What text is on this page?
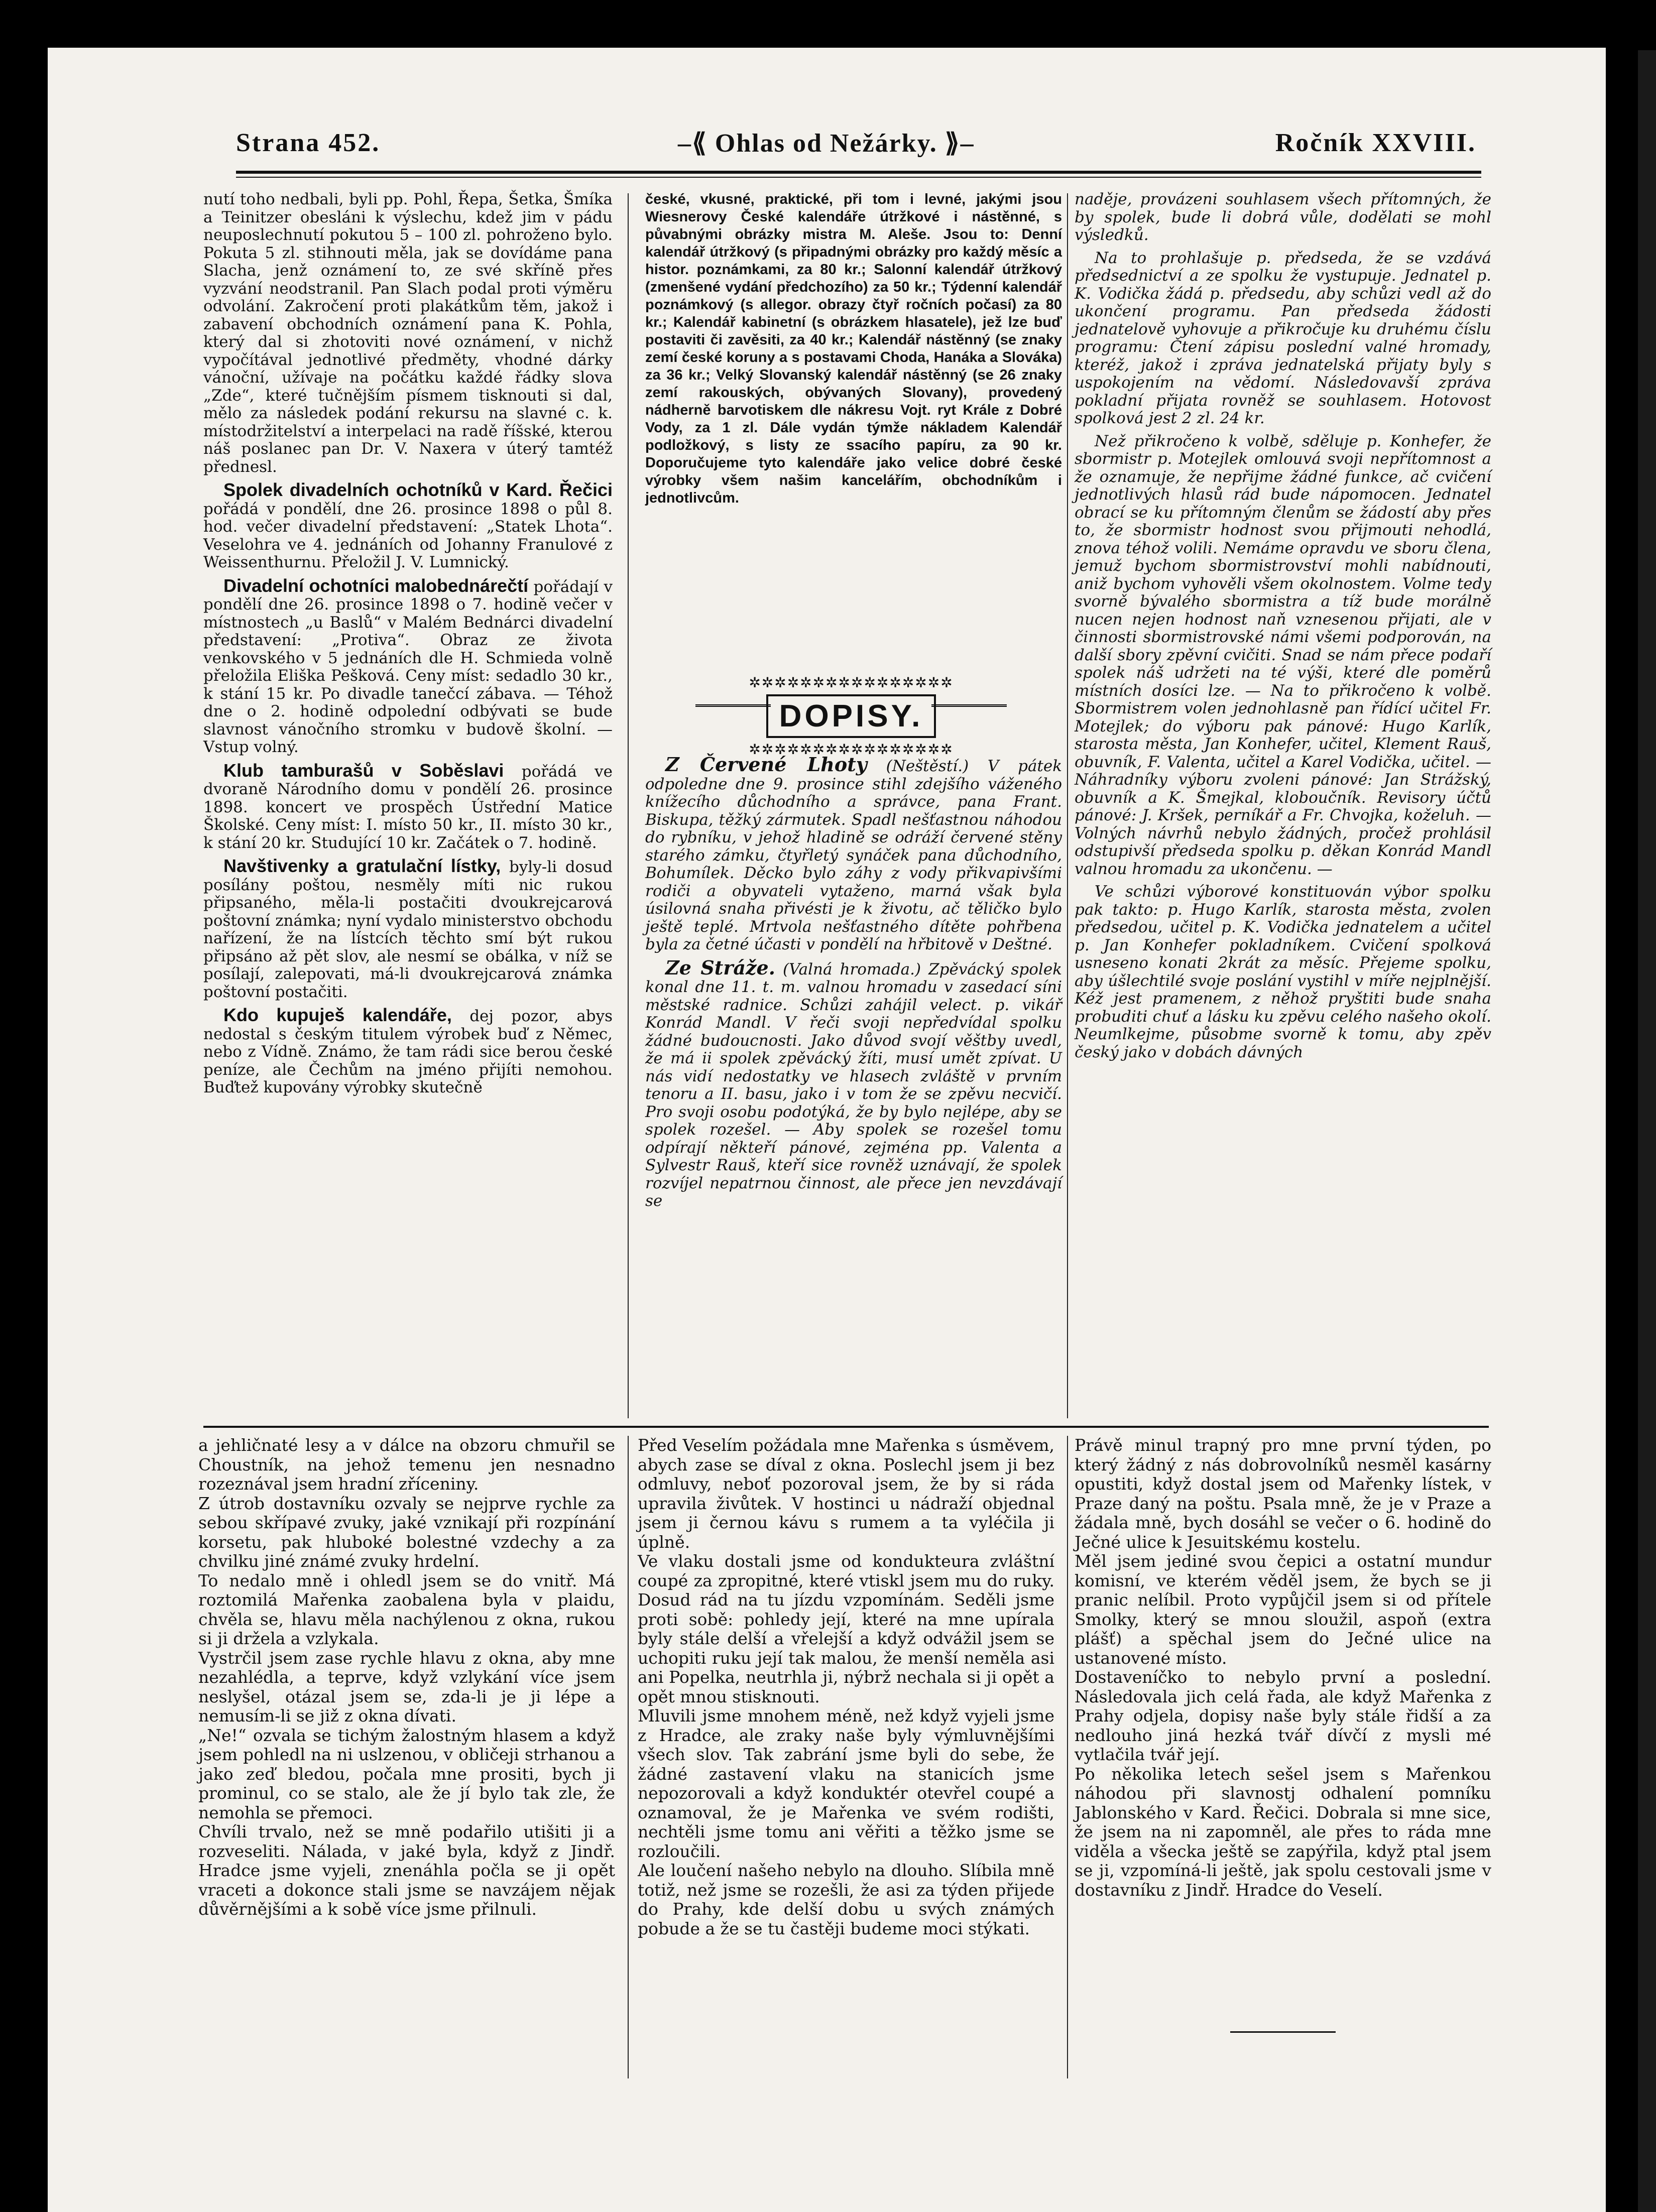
Strana 452.	–⟪ Ohlas od Nežárky. ⟫–	Ročník XXVIII.

nutí toho nedbali, byli pp. Pohl, Řepa, Šetka, Šmíka a Teinitzer obesláni k výslechu, kdež jim v pádu neuposlechnutí pokutou 5 – 100 zl. pohroženo bylo. Pokuta 5 zl. stihnouti měla, jak se dovídáme pana Slacha, jenž oznámení to, ze své skříně přes vyzvání neodstranil. Pan Slach podal proti výměru odvolání. Zakročení proti plakátkům těm, jakož i zabavení obchodních oznámení pana K. Pohla, který dal si zhotoviti nové oznámení, v nichž vypočítával jednotlivé předměty, vhodné dárky vánoční, užívaje na počátku každé řádky slova „Zde“, které tučnějším písmem tisknouti si dal, mělo za následek podání rekursu na slavné c. k. místodržitelství a interpelaci na radě říšské, kterou náš poslanec pan Dr. V. Naxera v úterý tamtéž přednesl.

Spolek divadelních ochotníků v Kard. Řečici pořádá v pondělí, dne 26. prosince 1898 o půl 8. hod. večer divadelní představení: „Statek Lhota“. Veselohra ve 4. jednáních od Johanny Franulové z Weissenthurnu. Přeložil J. V. Lumnický.

Divadelní ochotníci malobednárečtí pořádají v pondělí dne 26. prosince 1898 o 7. hodině večer v místnostech „u Baslů“ v Malém Bednárci divadelní představení: „Protiva“. Obraz ze života venkovského v 5 jednáních dle H. Schmieda volně přeložila Eliška Pešková. Ceny míst: sedadlo 30 kr., k stání 15 kr. Po divadle tanečcí zábava. — Téhož dne o 2. hodině odpolední odbývati se bude slavnost vánočního stromku v budově školní. — Vstup volný.

Klub tamburašů v Soběslavi pořádá ve dvoraně Národního domu v pondělí 26. prosince 1898. koncert ve prospěch Ústřední Matice Školské. Ceny míst: I. místo 50 kr., II. místo 30 kr., k stání 20 kr. Studující 10 kr. Začátek o 7. hodině.

Navštivenky a gratulační lístky, byly-li dosud posílány poštou, nesměly míti nic rukou připsaného, měla-li postačiti dvoukrejcarová poštovní známka; nyní vydalo ministerstvo obchodu nařízení, že na lístcích těchto smí být rukou připsáno až pět slov, ale nesmí se obálka, v níž se posílají, zalepovati, má-li dvoukrejcarová známka poštovní postačiti.

Kdo kupuješ kalendáře, dej pozor, abys nedostal s českým titulem výrobek buď z Němec, nebo z Vídně. Známo, že tam rádi sice berou české peníze, ale Čechům na jméno přijíti nemohou. Buďtež kupovány výrobky skutečně

české, vkusné, praktické, při tom i levné, jakými jsou Wiesnerovy České kalendáře útržkové i nástěnné, s půvabnými obrázky mistra M. Aleše. Jsou to: Denní kalendář útržkový (s připadnými obrázky pro každý měsíc a histor. poznámkami, za 80 kr.; Salonní kalendář útržkový (zmenšené vydání předchozího) za 50 kr.; Týdenní kalendář poznámkový (s allegor. obrazy čtyř ročních počasí) za 80 kr.; Kalendář kabinetní (s obrázkem hlasatele), jež lze buď postaviti či zavěsiti, za 40 kr.; Kalendář nástěnný (se znaky zemí české koruny a s postavami Choda, Hanáka a Slováka) za 36 kr.; Velký Slovanský kalendář nástěnný (se 26 znaky zemí rakouských, obývaných Slovany), provedený nádherně barvotiskem dle nákresu Vojt. ryt Krále z Dobré Vody, za 1 zl. Dále vydán týmže nákladem Kalendář podložkový, s listy ze ssacího papíru, za 90 kr. Doporučujeme tyto kalendáře jako velice dobré české výrobky všem našim kancelářím, obchodníkům i jednotlivcům.

✲✲✲✲✲✲✲✲✲✲✲✲✲✲✲✲
DOPISY.
✲✲✲✲✲✲✲✲✲✲✲✲✲✲✲✲

Z Červené Lhoty (Neštěstí.) V pátek odpoledne dne 9. prosince stihl zdejšího váženého knížecího důchodního a správce, pana Frant. Biskupa, těžký zármutek. Spadl nešťastnou náhodou do rybníku, v jehož hladině se odráží červené stěny starého zámku, čtyřletý synáček pana důchodního, Bohumílek. Děcko bylo záhy z vody přikvapivšími rodiči a obyvateli vytaženo, marná však byla úsilovná snaha přivésti je k životu, ač těličko bylo ještě teplé. Mrtvola nešťastného dítěte pohřbena byla za četné účasti v pondělí na hřbitově v Deštné.

Ze Stráže. (Valná hromada.) Zpěvácký spolek konal dne 11. t. m. valnou hromadu v zasedací síni městské radnice. Schůzi zahájil velect. p. vikář Konrád Mandl. V řeči svoji nepředvídal spolku žádné budoucnosti. Jako důvod svojí věštby uvedl, že má ii spolek zpěvácký žíti, musí umět zpívat. U nás vidí nedostatky ve hlasech zvláště v prvním tenoru a II. basu, jako i v tom že se zpěvu necvičí. Pro svoji osobu podotýká, že by bylo nejlépe, aby se spolek rozešel. — Aby spolek se rozešel tomu odpírají někteří pánové, zejména pp. Valenta a Sylvestr Rauš, kteří sice rovněž uznávají, že spolek rozvíjel nepatrnou činnost, ale přece jen nevzdávají se

naděje, provázeni souhlasem všech přítomných, že by spolek, bude li dobrá vůle, dodělati se mohl výsledků.

Na to prohlašuje p. předseda, že se vzdává předsednictví a ze spolku že vystupuje. Jednatel p. K. Vodička žádá p. předsedu, aby schůzi vedl až do ukončení programu. Pan předseda žádosti jednatelově vyhovuje a přikročuje ku druhému číslu programu: Čtení zápisu poslední valné hromady, kteréž, jakož i zpráva jednatelská přijaty byly s uspokojením na vědomí. Následovavší zpráva pokladní přijata rovněž se souhlasem. Hotovost spolková jest 2 zl. 24 kr.

Než přikročeno k volbě, sděluje p. Konhefer, že sbormistr p. Motejlek omlouvá svoji nepřítomnost a že oznamuje, že nepřijme žádné funkce, ač cvičení jednotlivých hlasů rád bude nápomocen. Jednatel obrací se ku přítomným členům se žádostí aby přes to, že sbormistr hodnost svou přijmouti nehodlá, znova téhož volili. Nemáme opravdu ve sboru člena, jemuž bychom sbormistrovství mohli nabídnouti, aniž bychom vyhověli všem okolnostem. Volme tedy svorně bývalého sbormistra a tíž bude morálně nucen nejen hodnost naň vznesenou přijati, ale v činnosti sbormistrovské námi všemi podporován, na další sbory zpěvní cvičiti. Snad se nám přece podaří spolek náš udržeti na té výši, které dle poměrů místních dosíci lze. — Na to přikročeno k volbě. Sbormistrem volen jednohlasně pan řídící učitel Fr. Motejlek; do výboru pak pánové: Hugo Karlík, starosta města, Jan Konhefer, učitel, Klement Rauš, obuvník, F. Valenta, učitel a Karel Vodička, učitel. — Náhradníky výboru zvoleni pánové: Jan Strážský, obuvník a K. Šmejkal, kloboučník. Revisory účtů pánové: J. Kršek, perníkář a Fr. Chvojka, koželuh. — Volných návrhů nebylo žádných, pročež prohlásil odstupivší předseda spolku p. děkan Konrád Mandl valnou hromadu za ukončenu. —

Ve schůzi výborové konstituován výbor spolku pak takto: p. Hugo Karlík, starosta města, zvolen předsedou, učitel p. K. Vodička jednatelem a učitel p. Jan Konhefer pokladníkem. Cvičení spolková usneseno konati 2krát za měsíc. Přejeme spolku, aby úšlechtilé svoje poslání vystihl v míře nejplnější. Kéž jest pramenem, z něhož pryštiti bude snaha probuditi chuť a lásku ku zpěvu celého našeho okolí. Neumlkejme, působme svorně k tomu, aby zpěv český jako v dobách dávných

a jehličnaté lesy a v dálce na obzoru chmuřil se Choustník, na jehož temenu jen nesnadno rozeznával jsem hradní zříceniny.
Z útrob dostavníku ozvaly se nejprve rychle za sebou skřípavé zvuky, jaké vznikají při rozpínání korsetu, pak hluboké bolestné vzdechy a za chvilku jiné známé zvuky hrdelní.
To nedalo mně i ohledl jsem se do vnitř. Má roztomilá Mařenka zaobalena byla v plaidu, chvěla se, hlavu měla nachýlenou z okna, rukou si ji držela a vzlykala.
Vystrčil jsem zase rychle hlavu z okna, aby mne nezahlédla, a teprve, když vzlykání více jsem neslyšel, otázal jsem se, zda-li je ji lépe a nemusím-li se již z okna dívati.
„Ne!“ ozvala se tichým žalostným hlasem a když jsem pohledl na ni uslzenou, v obličeji strhanou a jako zeď bledou, počala mne prositi, bych ji prominul, co se stalo, ale že jí bylo tak zle, že nemohla se přemoci.
Chvíli trvalo, než se mně podařilo utišiti ji a rozveseliti. Nálada, v jaké byla, když z Jindř. Hradce jsme vyjeli, znenáhla počla se ji opět vraceti a dokonce stali jsme se navzájem nějak důvěrnějšími a k sobě více jsme přilnuli.
Před Veselím požádala mne Mařenka s úsměvem, abych zase se díval z okna. Poslechl jsem ji bez odmluvy, neboť pozoroval jsem, že by si ráda upravila živůtek. V hostinci u nádraží objednal jsem ji černou kávu s rumem a ta vyléčila ji úplně.
Ve vlaku dostali jsme od kondukteura zvláštní coupé za zpropitné, které vtiskl jsem mu do ruky. Dosud rád na tu jízdu vzpomínám. Seděli jsme proti sobě: pohledy její, které na mne upírala byly stále delší a vřelejší a když odvážil jsem se uchopiti ruku její tak malou, že menší neměla asi ani Popelka, neutrhla ji, nýbrž nechala si ji opět a opět mnou stisknouti.
Mluvili jsme mnohem méně, než když vyjeli jsme z Hradce, ale zraky naše byly výmluvnějšími všech slov. Tak zabrání jsme byli do sebe, že žádné zastavení vlaku na stanicích jsme nepozorovali a když konduktér otevřel coupé a oznamoval, že je Mařenka ve svém rodišti, nechtěli jsme tomu ani věřiti a těžko jsme se rozloučili.
Ale loučení našeho nebylo na dlouho. Slíbila mně totiž, než jsme se rozešli, že asi za týden přijede do Prahy, kde delší dobu u svých známých pobude a že se tu častěji budeme moci stýkati.
Právě minul trapný pro mne první týden, po který žádný z nás dobrovolníků nesměl kasárny opustiti, když dostal jsem od Mařenky lístek, v Praze daný na poštu. Psala mně, že je v Praze a žádala mně, bych dosáhl se večer o 6. hodině do Ječné ulice k Jesuitskému kostelu.
Měl jsem jediné svou čepici a ostatní mundur komisní, ve kterém věděl jsem, že bych se ji pranic nelíbil. Proto vypůjčil jsem si od přítele Smolky, který se mnou sloužil, aspoň (extra plášť) a spěchal jsem do Ječné ulice na ustanovené místo.
Dostaveníčko to nebylo první a poslední. Následovala jich celá řada, ale když Mařenka z Prahy odjela, dopisy naše byly stále řidší a za nedlouho jiná hezká tvář dívčí z mysli mé vytlačila tvář její.
Po několika letech sešel jsem s Mařenkou náhodou při slavnostj odhalení pomníku Jablonského v Kard. Řečici. Dobrala si mne sice, že jsem na ni zapomněl, ale přes to ráda mne viděla a všecka ještě se zapýřila, když ptal jsem se ji, vzpomíná-li ještě, jak spolu cestovali jsme v dostavníku z Jindř. Hradce do Veselí.
